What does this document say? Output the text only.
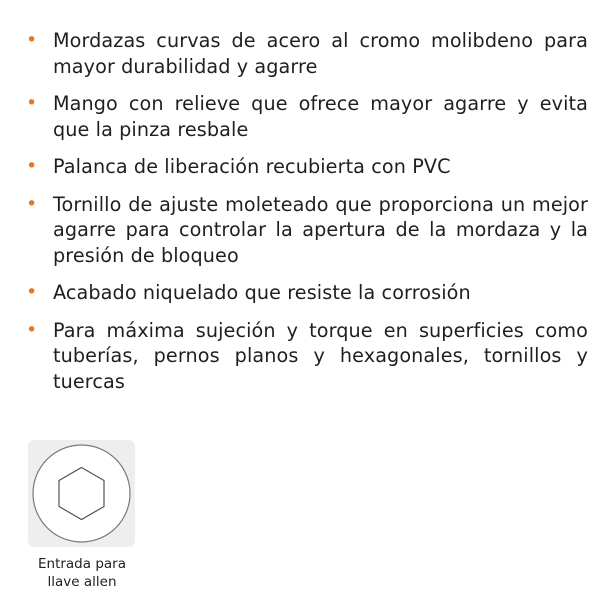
• Mordazas curvas de acero al cromo molibdeno para mayor durabilidad y agarre
• Mango con relieve que ofrece mayor agarre y evita que la pinza resbale
• Palanca de liberación recubierta con PVC
• Tornillo de ajuste moleteado que proporciona un mejor agarre para controlar la apertura de la mordaza y la presión de bloqueo
• Acabado niquelado que resiste la corrosión
• Para máxima sujeción y torque en superficies como tuberías, pernos planos y hexagonales, tornillos y tuercas
Entrada para
llave allen
